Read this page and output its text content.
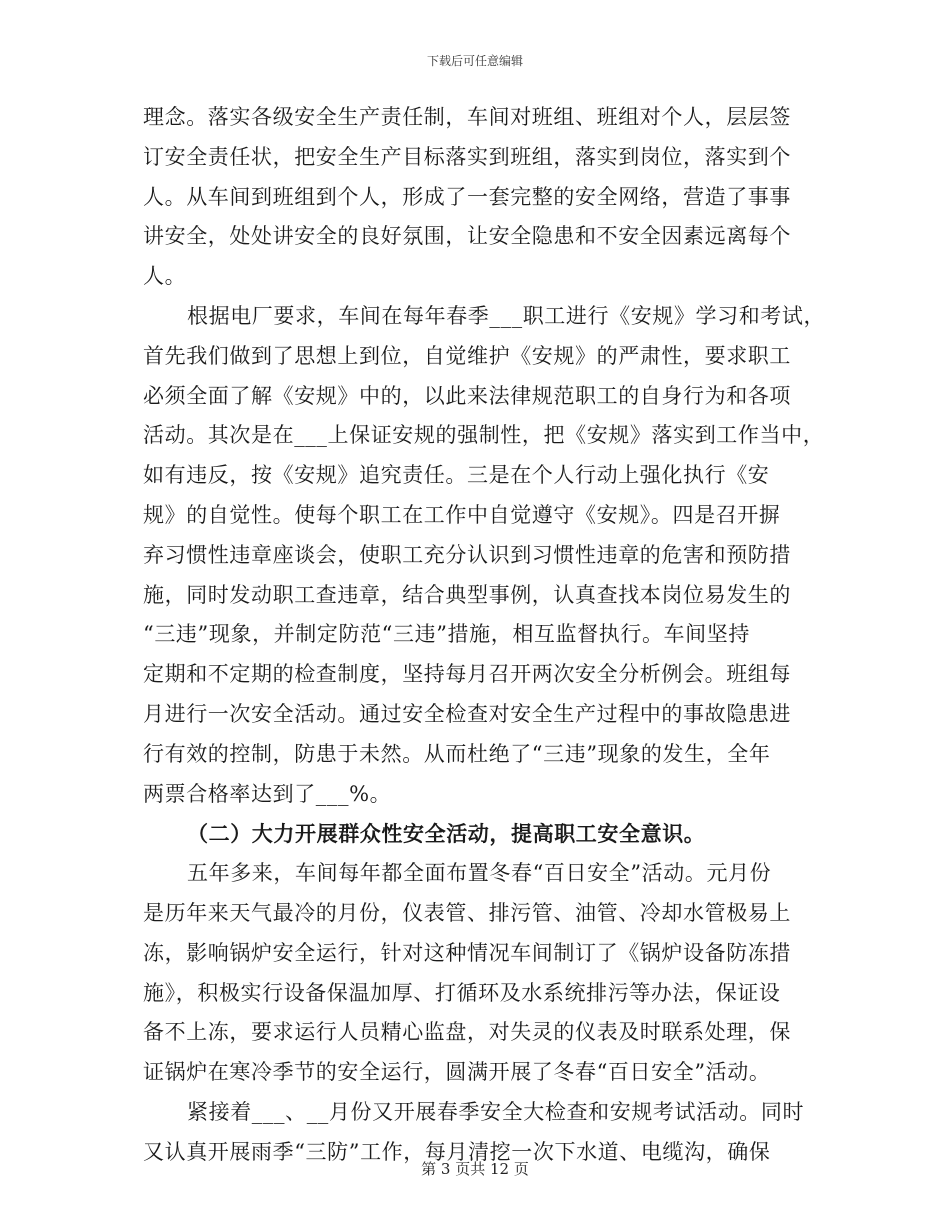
下载后可任意编辑
理念。落实各级安全生产责任制，车间对班组、班组对个人，层层签
订安全责任状，把安全生产目标落实到班组，落实到岗位，落实到个
人。从车间到班组到个人，形成了一套完整的安全网络，营造了事事
讲安全，处处讲安全的良好氛围，让安全隐患和不安全因素远离每个
人。
根据电厂要求，车间在每年春季___职工进行《安规》学习和考试，
首先我们做到了思想上到位，自觉维护《安规》的严肃性，要求职工
必须全面了解《安规》中的，以此来法律规范职工的自身行为和各项
活动。其次是在___上保证安规的强制性，把《安规》落实到工作当中，
如有违反，按《安规》追究责任。三是在个人行动上强化执行《安
规》的自觉性。使每个职工在工作中自觉遵守《安规》。四是召开摒
弃习惯性违章座谈会，使职工充分认识到习惯性违章的危害和预防措
施，同时发动职工查违章，结合典型事例，认真查找本岗位易发生的
“三违”现象，并制定防范“三违”措施，相互监督执行。车间坚持
定期和不定期的检查制度，坚持每月召开两次安全分析例会。班组每
月进行一次安全活动。通过安全检查对安全生产过程中的事故隐患进
行有效的控制，防患于未然。从而杜绝了“三违”现象的发生，全年
两票合格率达到了___%。
（二）大力开展群众性安全活动，提高职工安全意识。
五年多来，车间每年都全面布置冬春“百日安全”活动。元月份
是历年来天气最冷的月份，仪表管、排污管、油管、冷却水管极易上
冻，影响锅炉安全运行，针对这种情况车间制订了《锅炉设备防冻措
施》，积极实行设备保温加厚、打循环及水系统排污等办法，保证设
备不上冻，要求运行人员精心监盘，对失灵的仪表及时联系处理，保
证锅炉在寒冷季节的安全运行，圆满开展了冬春“百日安全”活动。
紧接着___、__月份又开展春季安全大检查和安规考试活动。同时
又认真开展雨季“三防”工作，每月清挖一次下水道、电缆沟，确保
第 3 页共 12 页
